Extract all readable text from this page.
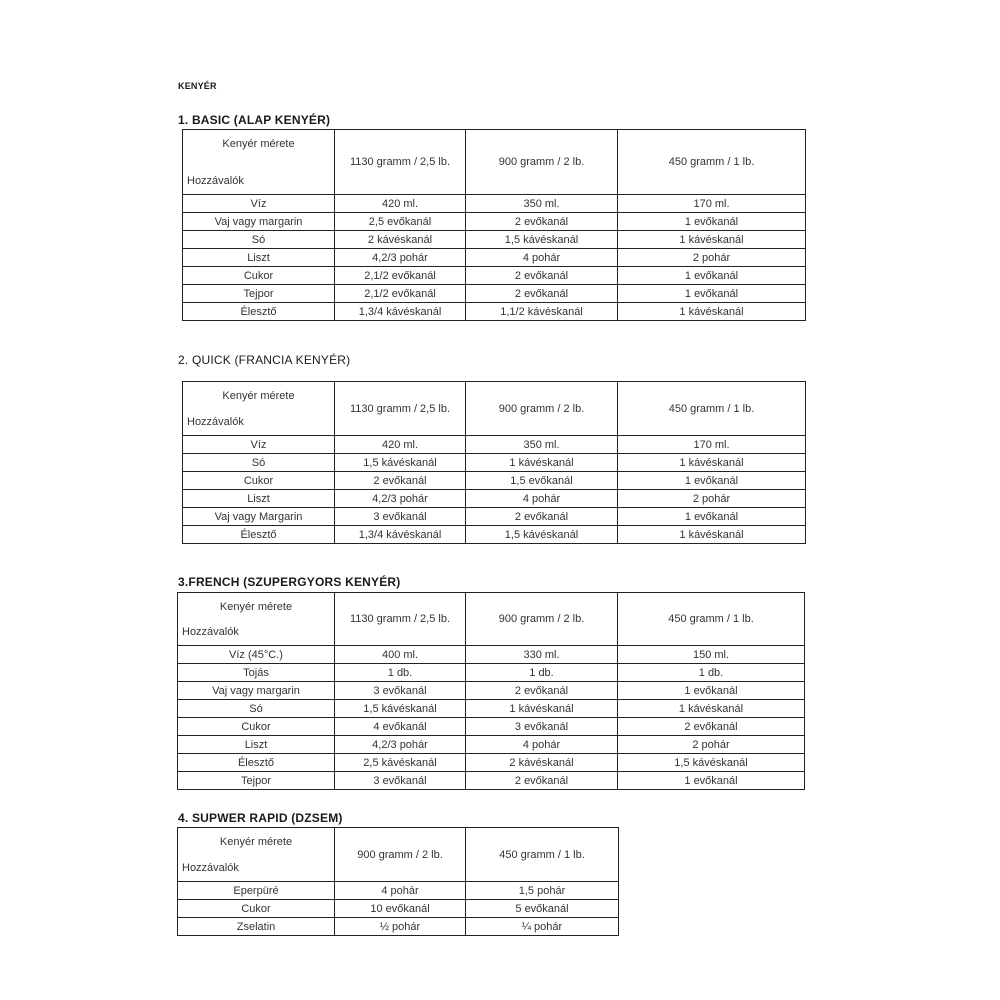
KENYÉR
1. BASIC (ALAP KENYÉR)
Kenyér mérete
Hozzávalók	1130 gramm / 2,5 lb.	900 gramm / 2 lb.	450 gramm / 1 lb.
Víz	420 ml.	350 ml.	170 ml.
Vaj vagy margarin	2,5 evőkanál	2 evőkanál	1 evőkanál
Só	2 kávéskanál	1,5 kávéskanál	1 kávéskanál
Liszt	4,2/3 pohár	4 pohár	2 pohár
Cukor	2,1/2 evőkanál	2 evőkanál	1 evőkanál
Tejpor	2,1/2 evőkanál	2 evőkanál	1 evőkanál
Élesztő	1,3/4 kávéskanál	1,1/2 kávéskanál	1 kávéskanál
2. QUICK (FRANCIA KENYÉR)
Kenyér mérete
Hozzávalók	1130 gramm / 2,5 lb.	900 gramm / 2 lb.	450 gramm / 1 lb.
Víz	420 ml.	350 ml.	170 ml.
Só	1,5 kávéskanál	1 kávéskanál	1 kávéskanál
Cukor	2 evőkanál	1,5 evőkanál	1 evőkanál
Liszt	4,2/3 pohár	4 pohár	2 pohár
Vaj vagy Margarin	3 evőkanál	2 evőkanál	1 evőkanál
Élesztő	1,3/4 kávéskanál	1,5 kávéskanál	1 kávéskanál
3.FRENCH (SZUPERGYORS KENYÉR)
Kenyér mérete
Hozzávalók	1130 gramm / 2,5 lb.	900 gramm / 2 lb.	450 gramm / 1 lb.
Víz (45°C.)	400 ml.	330 ml.	150 ml.
Tojás	1 db.	1 db.	1 db.
Vaj vagy margarin	3 evőkanál	2 evőkanál	1 evőkanál
Só	1,5 kávéskanál	1 kávéskanál	1 kávéskanál
Cukor	4 evőkanál	3 evőkanál	2 evőkanál
Liszt	4,2/3 pohár	4 pohár	2 pohár
Élesztő	2,5 kávéskanál	2 kávéskanál	1,5 kávéskanál
Tejpor	3 evőkanál	2 evőkanál	1 evőkanál
4. SUPWER RAPID (DZSEM)
Kenyér mérete
Hozzávalók	900 gramm / 2 lb.	450 gramm / 1 lb.
Eperpüré	4 pohár	1,5 pohár
Cukor	10 evőkanál	5 evőkanál
Zselatin	½ pohár	¼ pohár
